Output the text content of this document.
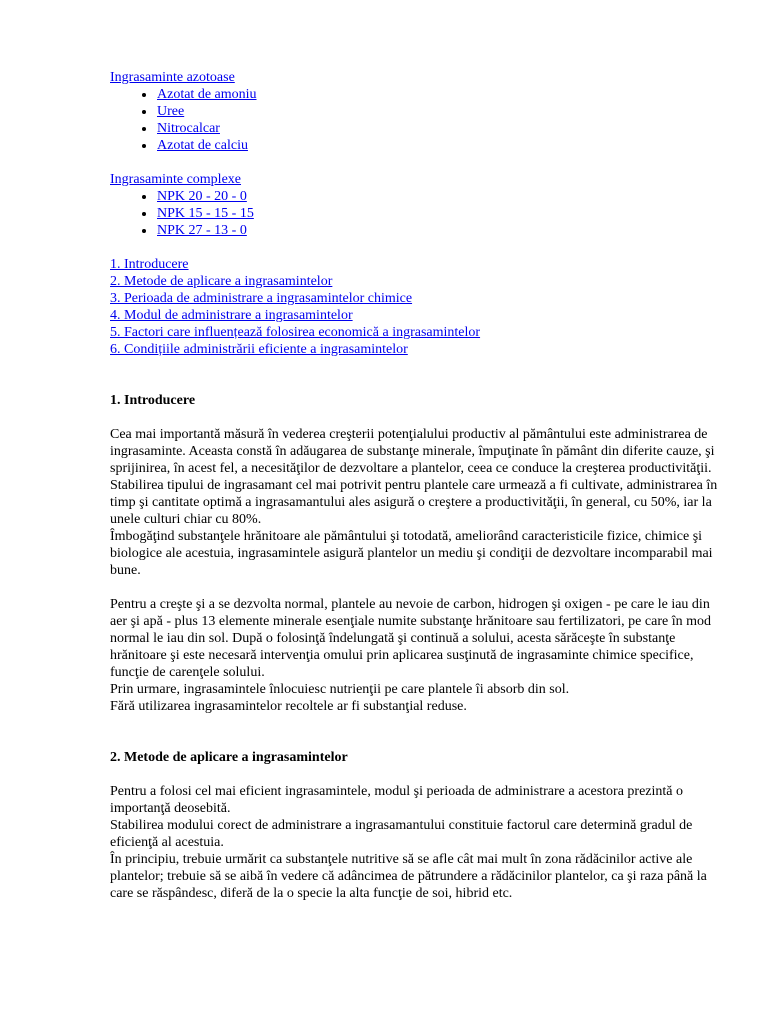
Ingrasaminte azotoase
• Azotat de amoniu
• Uree
• Nitrocalcar
• Azotat de calciu
Ingrasaminte complexe
• NPK 20 - 20 - 0
• NPK 15 - 15 - 15
• NPK 27 - 13 - 0
1. Introducere
2. Metode de aplicare a ingrasamintelor
3. Perioada de administrare a ingrasamintelor chimice
4. Modul de administrare a ingrasamintelor
5. Factori care influențează folosirea economică a ingrasamintelor
6. Condițiile administrării eficiente a ingrasamintelor
1. Introducere

Cea mai importantă măsură în vederea creşterii potenţialului productiv al pământului este administrarea de ingrasaminte. Aceasta constă în adăugarea de substanţe minerale, împuţinate în pământ din diferite cauze, şi sprijinirea, în acest fel, a necesităţilor de dezvoltare a plantelor, ceea ce conduce la creşterea productivităţii.

Stabilirea tipului de ingrasamant cel mai potrivit pentru plantele care urmează a fi cultivate, administrarea în timp şi cantitate optimă a ingrasamantului ales asigură o creştere a productivităţii, în general, cu 50%, iar la unele culturi chiar cu 80%.

Îmbogăţind substanţele hrănitoare ale pământului şi totodată, ameliorând caracteristicile fizice, chimice şi biologice ale acestuia, ingrasamintele asigură plantelor un mediu şi condiţii de dezvoltare incomparabil mai bune.

Pentru a creşte şi a se dezvolta normal, plantele au nevoie de carbon, hidrogen şi oxigen - pe care le iau din aer şi apă - plus 13 elemente minerale esenţiale numite substanţe hrănitoare sau fertilizatori, pe care în mod normal le iau din sol. După o folosinţă îndelungată şi continuă a solului, acesta sărăceşte în substanţe hrănitoare şi este necesară intervenţia omului prin aplicarea susţinută de ingrasaminte chimice specifice, funcţie de carenţele solului.

Prin urmare, ingrasamintele înlocuiesc nutrienţii pe care plantele îi absorb din sol.

Fără utilizarea ingrasamintelor recoltele ar fi substanţial reduse.

2. Metode de aplicare a ingrasamintelor

Pentru a folosi cel mai eficient ingrasamintele, modul şi perioada de administrare a acestora prezintă o importanţă deosebită.

Stabilirea modului corect de administrare a ingrasamantului constituie factorul care determină gradul de eficienţă al acestuia.

În principiu, trebuie urmărit ca substanţele nutritive să se afle cât mai mult în zona rădăcinilor active ale plantelor; trebuie să se aibă în vedere că adâncimea de pătrundere a rădăcinilor plantelor, ca şi raza până la care se răspândesc, diferă de la o specie la alta funcţie de soi, hibrid etc.
